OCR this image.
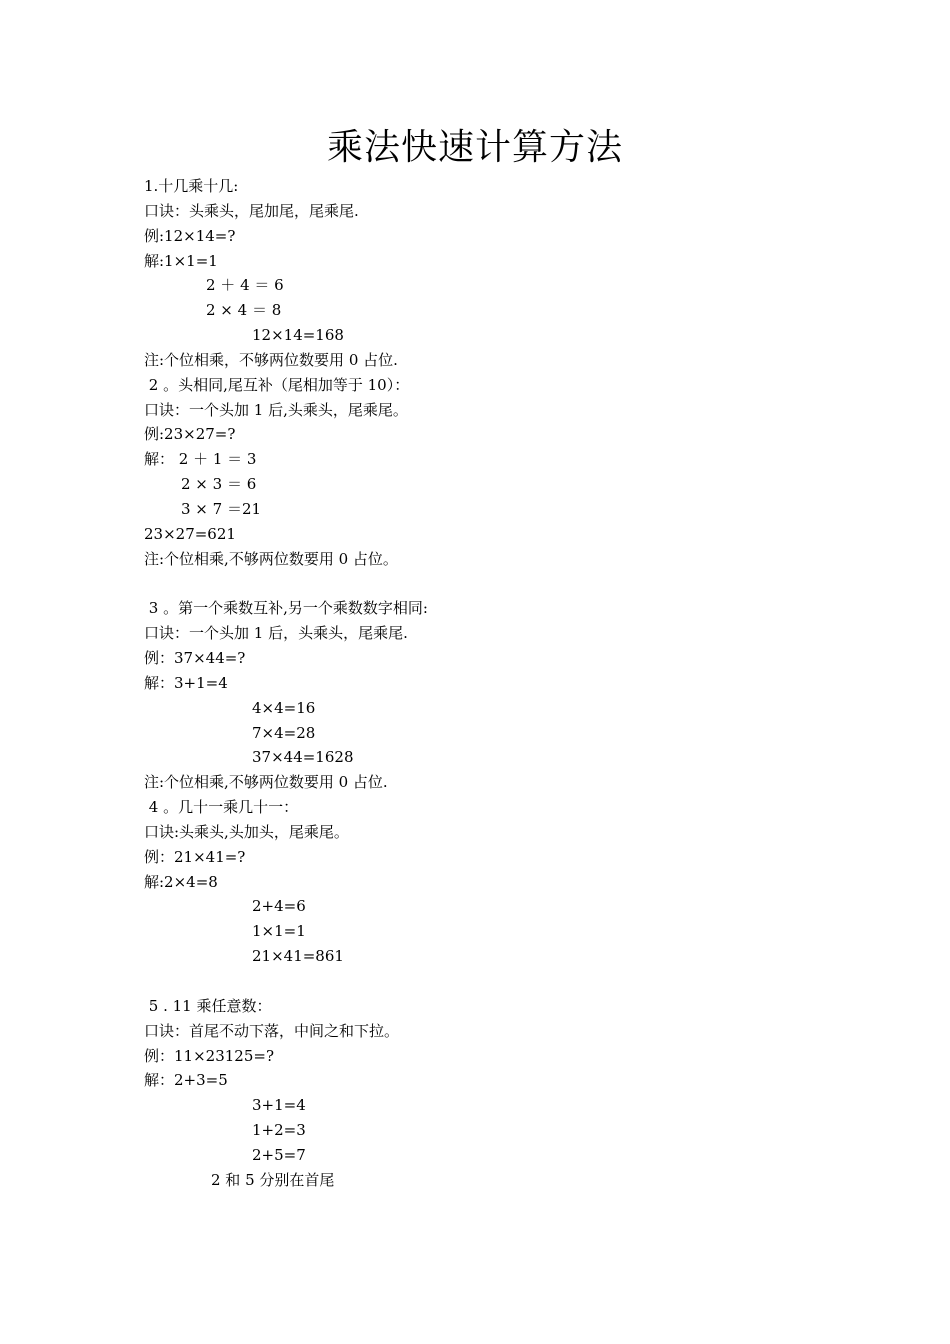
乘法快速计算方法
1.十几乘十几:
口诀：头乘头，尾加尾，尾乘尾.
例:12×14=?
解:1×1=1
2 ＋ 4 ＝ 6
2 × 4 ＝ 8
12×14=168
注:个位相乘，不够两位数要用 0 占位.
2 。头相同,尾互补（尾相加等于 10）：
口诀：一个头加 1 后,头乘头，尾乘尾。
例:23×27=?
解： 2 ＋ 1 ＝ 3
2 × 3 ＝ 6
3 × 7 ＝21
23×27=621
注:个位相乘,不够两位数要用 0 占位。
3 。第一个乘数互补,另一个乘数数字相同:
口诀：一个头加 1 后，头乘头，尾乘尾.
例：37×44=?
解：3+1=4
4×4=16
7×4=28
37×44=1628
注:个位相乘,不够两位数要用 0 占位.
4 。几十一乘几十一：
口诀:头乘头,头加头，尾乘尾。
例：21×41=?
解:2×4=8
2+4=6
1×1=1
21×41=861
5 . 11 乘任意数：
口诀：首尾不动下落，中间之和下拉。
例：11×23125=?
解：2+3=5
3+1=4
1+2=3
2+5=7
2 和 5 分别在首尾
